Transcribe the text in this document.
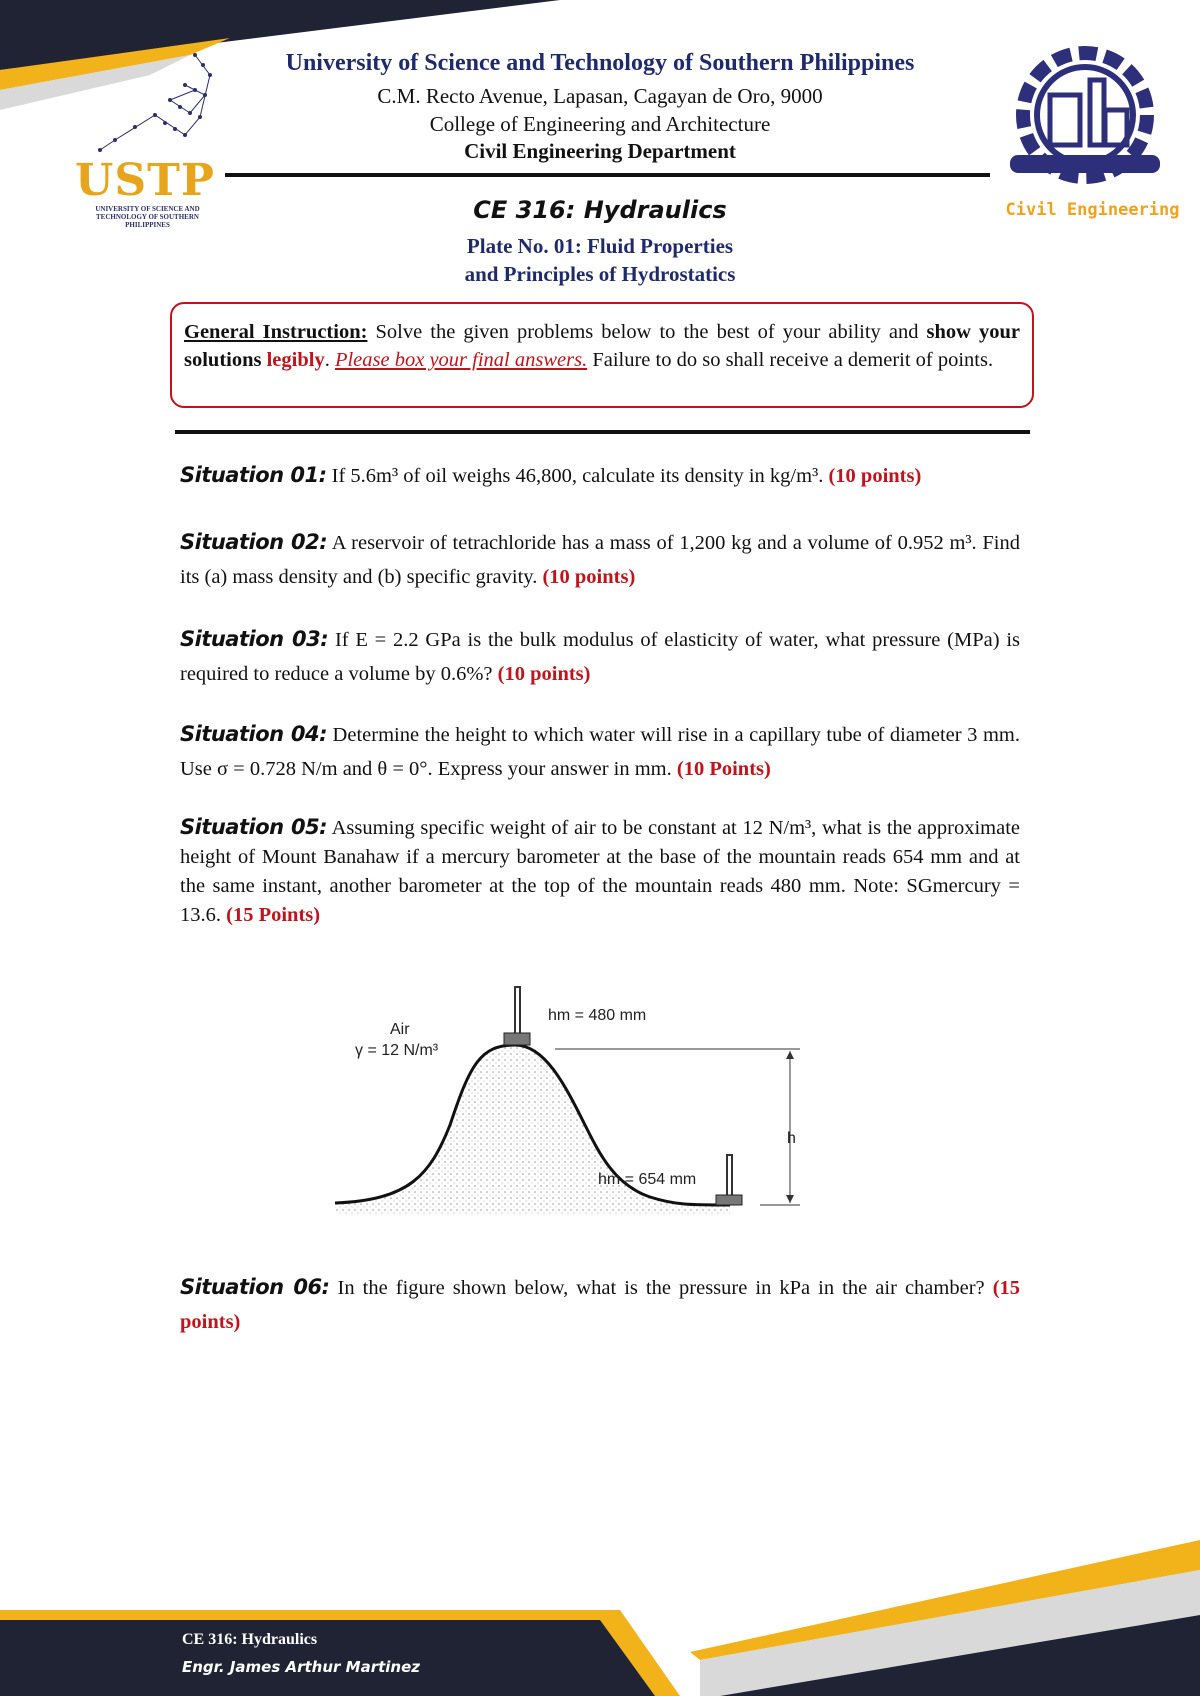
USTP
UNIVERSITY OF SCIENCE AND TECHNOLOGY OF SOUTHERN PHILIPPINES
Civil Engineering
University of Science and Technology of Southern Philippines
C.M. Recto Avenue, Lapasan, Cagayan de Oro, 9000
College of Engineering and Architecture
Civil Engineering Department
CE 316: Hydraulics
Plate No. 01: Fluid Properties
and Principles of Hydrostatics
General Instruction: Solve the given problems below to the best of your ability and show your solutions legibly. Please box your final answers. Failure to do so shall receive a demerit of points.
Situation 01: If 5.6m³ of oil weighs 46,800, calculate its density in kg/m³. (10 points)
Situation 02: A reservoir of tetrachloride has a mass of 1,200 kg and a volume of 0.952 m³. Find its (a) mass density and (b) specific gravity. (10 points)
Situation 03: If E = 2.2 GPa is the bulk modulus of elasticity of water, what pressure (MPa) is required to reduce a volume by 0.6%? (10 points)
Situation 04: Determine the height to which water will rise in a capillary tube of diameter 3 mm. Use σ = 0.728 N/m and θ = 0°. Express your answer in mm. (10 Points)
Situation 05: Assuming specific weight of air to be constant at 12 N/m³, what is the approximate height of Mount Banahaw if a mercury barometer at the base of the mountain reads 654 mm and at the same instant, another barometer at the top of the mountain reads 480 mm. Note: SGmercury = 13.6. (15 Points)
Air
γ = 12 N/m³
hm = 480 mm
hm = 654 mm
h
Situation 06: In the figure shown below, what is the pressure in kPa in the air chamber? (15 points)
CE 316: Hydraulics
Engr. James Arthur Martinez
